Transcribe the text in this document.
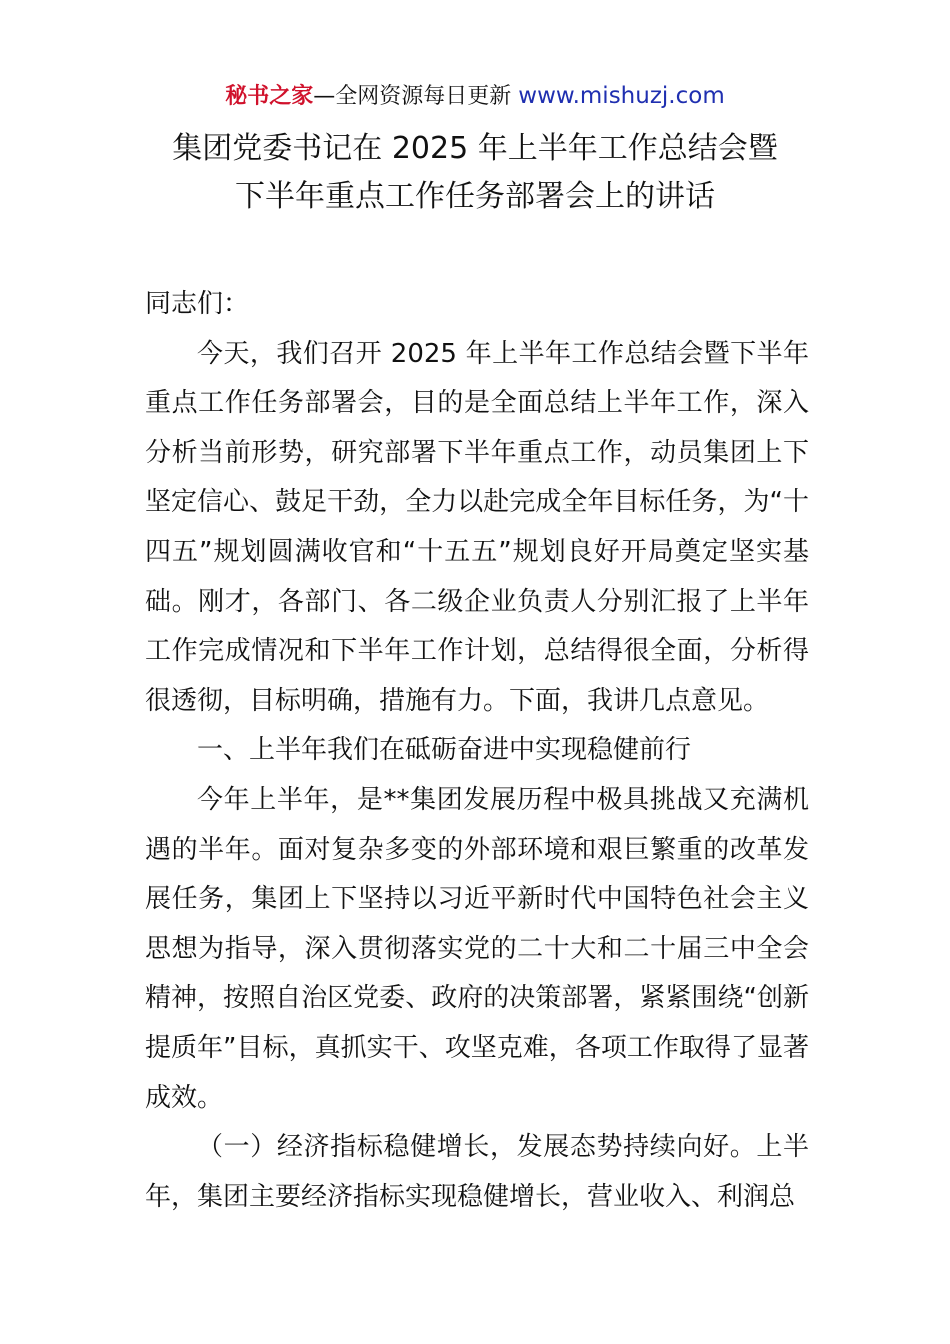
秘书之家—全网资源每日更新 www.mishuzj.com
集团党委书记在 2025 年上半年工作总结会暨
下半年重点工作任务部署会上的讲话

同志们：

今天，我们召开 2025 年上半年工作总结会暨下半年重点工作任务部署会，目的是全面总结上半年工作，深入分析当前形势，研究部署下半年重点工作，动员集团上下坚定信心、鼓足干劲，全力以赴完成全年目标任务，为“十四五”规划圆满收官和“十五五”规划良好开局奠定坚实基础。刚才，各部门、各二级企业负责人分别汇报了上半年工作完成情况和下半年工作计划，总结得很全面，分析得很透彻，目标明确，措施有力。下面，我讲几点意见。

一、上半年我们在砥砺奋进中实现稳健前行

今年上半年，是**集团发展历程中极具挑战又充满机遇的半年。面对复杂多变的外部环境和艰巨繁重的改革发展任务，集团上下坚持以习近平新时代中国特色社会主义思想为指导，深入贯彻落实党的二十大和二十届三中全会精神，按照自治区党委、政府的决策部署，紧紧围绕“创新提质年”目标，真抓实干、攻坚克难，各项工作取得了显著成效。

（一）经济指标稳健增长，发展态势持续向好。上半年，集团主要经济指标实现稳健增长，营业收入、利润总
